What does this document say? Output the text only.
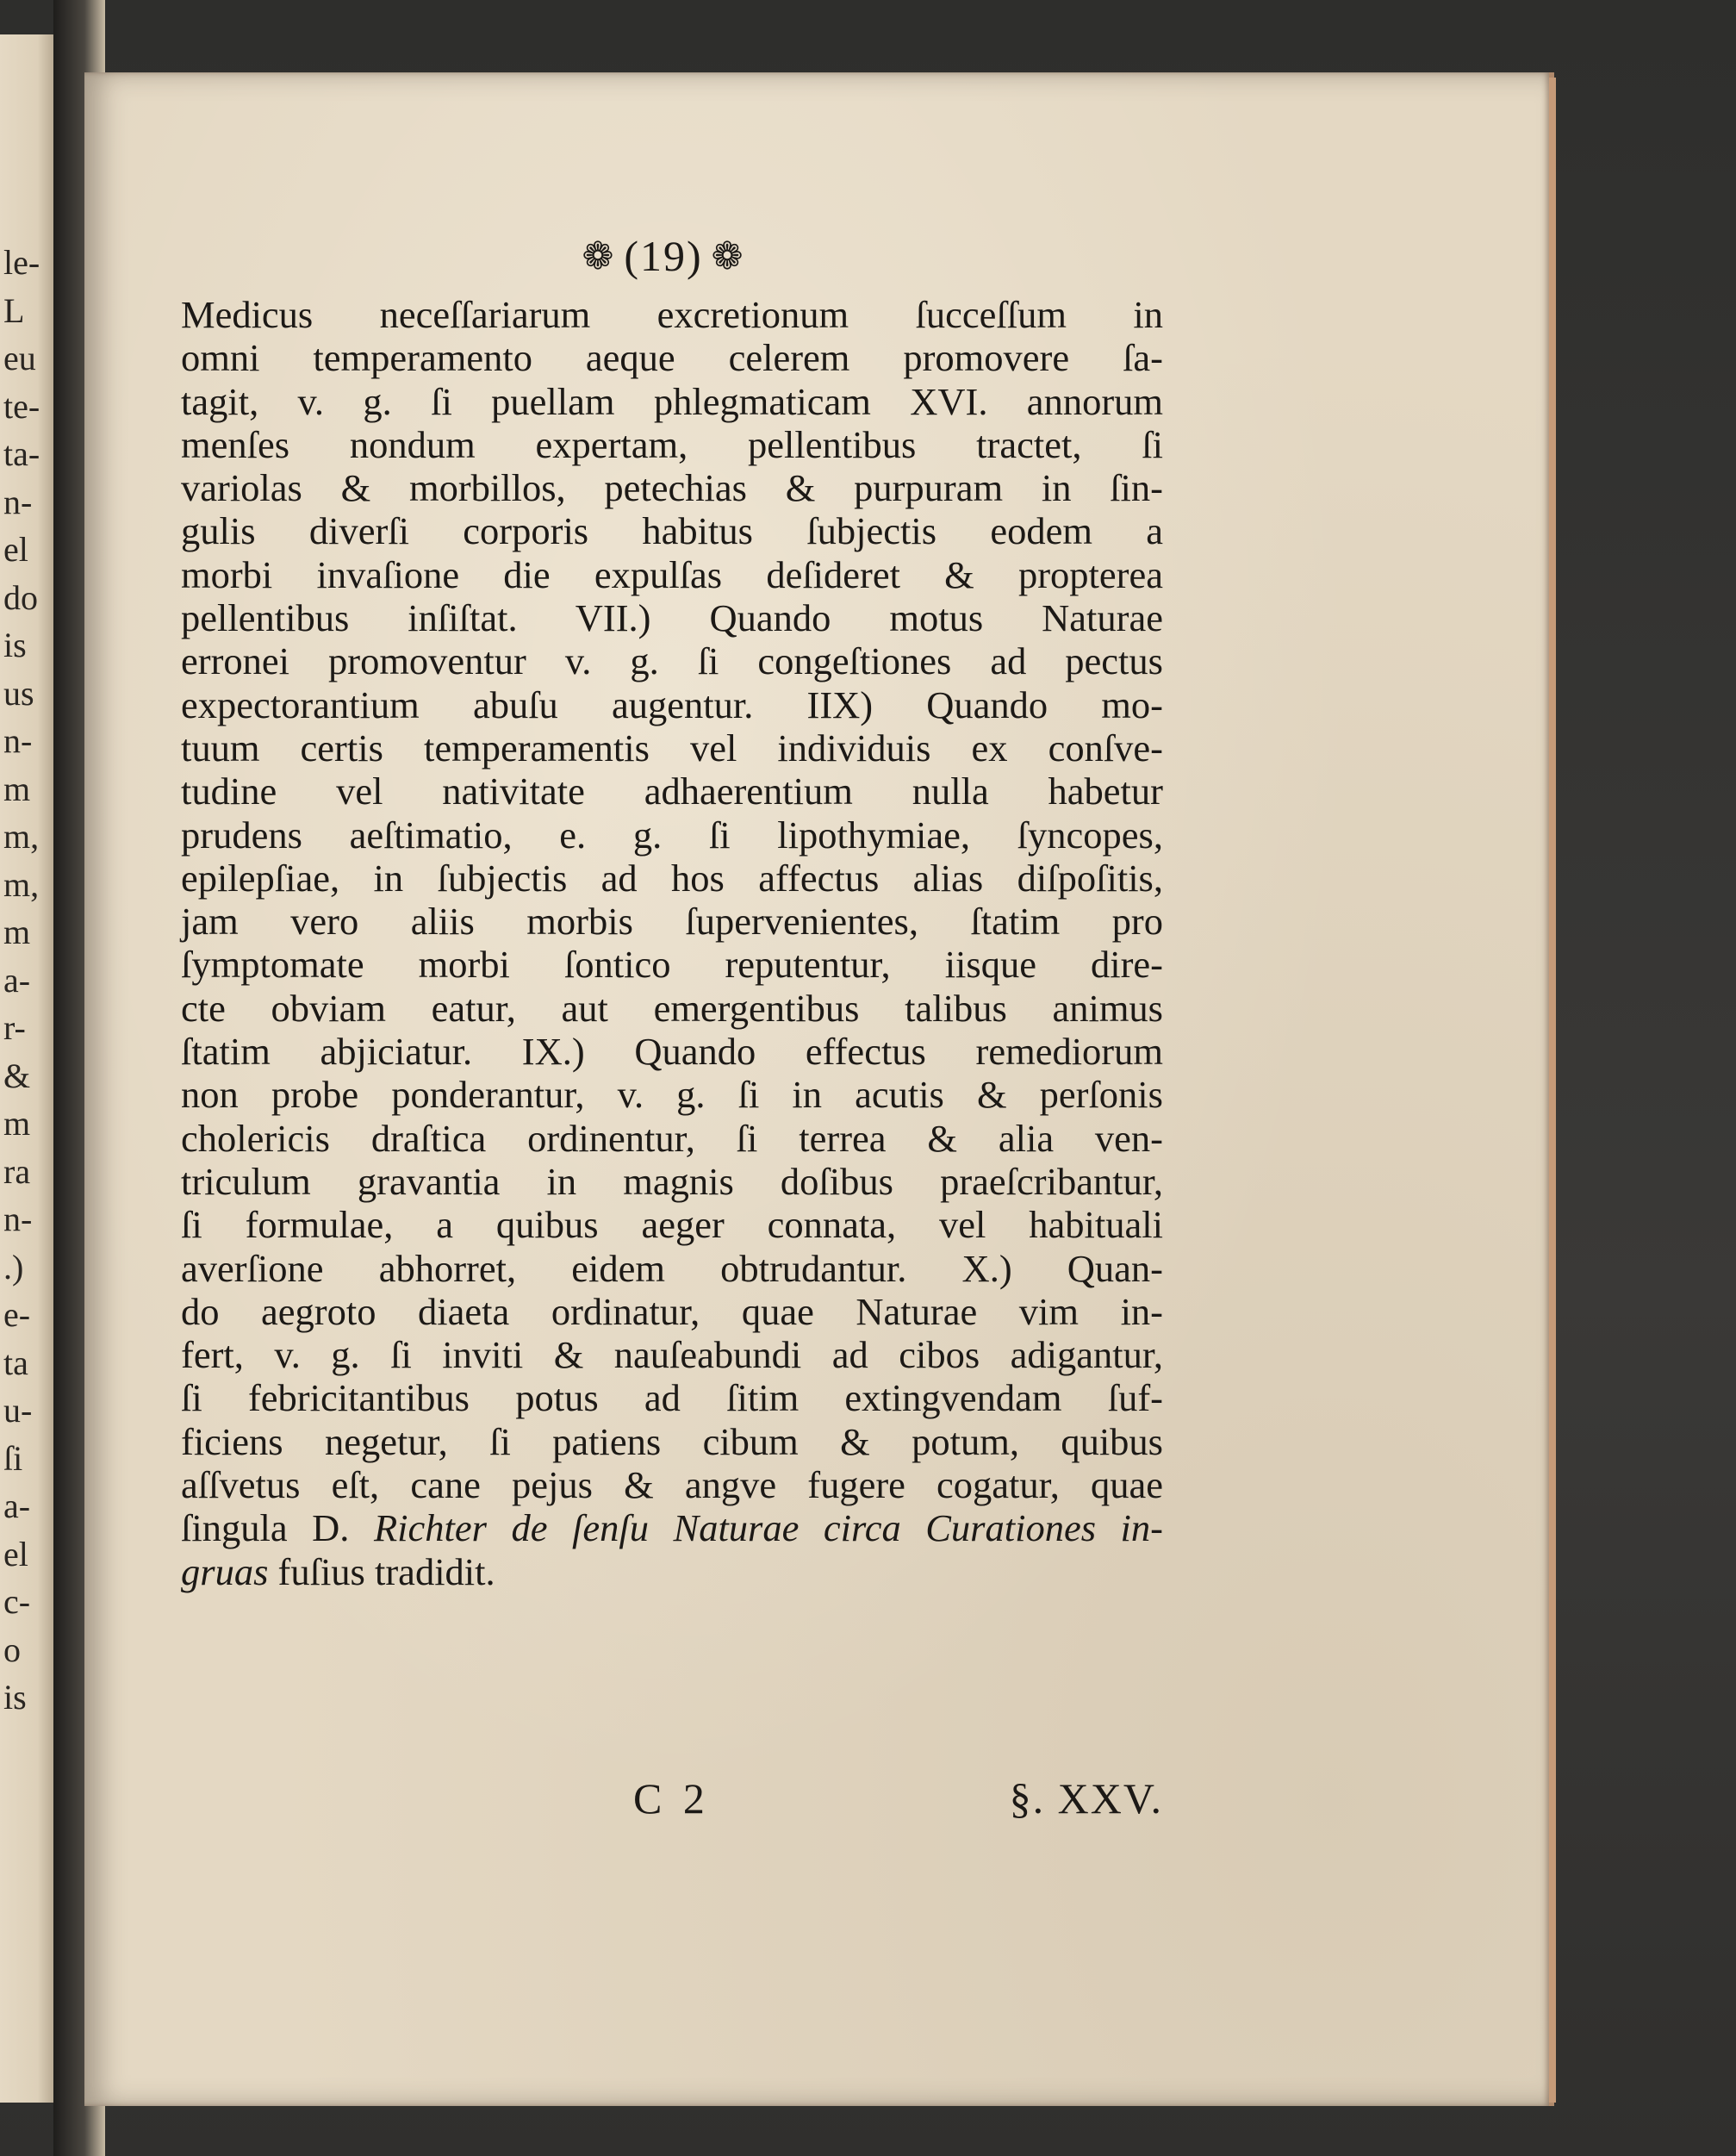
le-
L
eu
te-
ta-
n-
el
do
is
us
n-
m
m,
m,
m
a-
r-
&
m
ra
n-
.)
e-
ta
u-
ſi
a-
el
c-
o
is
❁ (19) ❁
Medicus neceſſariarum excretionum ſucceſſum in
omni temperamento aeque celerem promovere ſa-
tagit, v. g. ſi puellam phlegmaticam XVI. annorum
menſes nondum expertam, pellentibus tractet, ſi
variolas & morbillos, petechias & purpuram in ſin-
gulis diverſi corporis habitus ſubjectis eodem a
morbi invaſione die expulſas deſideret & propterea
pellentibus inſiſtat. VII.) Quando motus Naturae
erronei promoventur v. g. ſi congeſtiones ad pectus
expectorantium abuſu augentur. IIX) Quando mo-
tuum certis temperamentis vel individuis ex conſve-
tudine vel nativitate adhaerentium nulla habetur
prudens aeſtimatio, e. g. ſi lipothymiae, ſyncopes,
epilepſiae, in ſubjectis ad hos affectus alias diſpoſitis,
jam vero aliis morbis ſupervenientes, ſtatim pro
ſymptomate morbi ſontico reputentur, iisque dire-
cte obviam eatur, aut emergentibus talibus animus
ſtatim abjiciatur. IX.) Quando effectus remediorum
non probe ponderantur, v. g. ſi in acutis & perſonis
cholericis draſtica ordinentur, ſi terrea & alia ven-
triculum gravantia in magnis doſibus praeſcribantur,
ſi formulae, a quibus aeger connata, vel habituali
averſione abhorret, eidem obtrudantur. X.) Quan-
do aegroto diaeta ordinatur, quae Naturae vim in-
fert, v. g. ſi inviti & nauſeabundi ad cibos adigantur,
ſi febricitantibus potus ad ſitim extingvendam ſuf-
ficiens negetur, ſi patiens cibum & potum, quibus
aſſvetus eſt, cane pejus & angve fugere cogatur, quae
ſingula D. Richter de ſenſu Naturae circa Curationes in-
gruas fuſius tradidit.
C 2	§. XXV.
